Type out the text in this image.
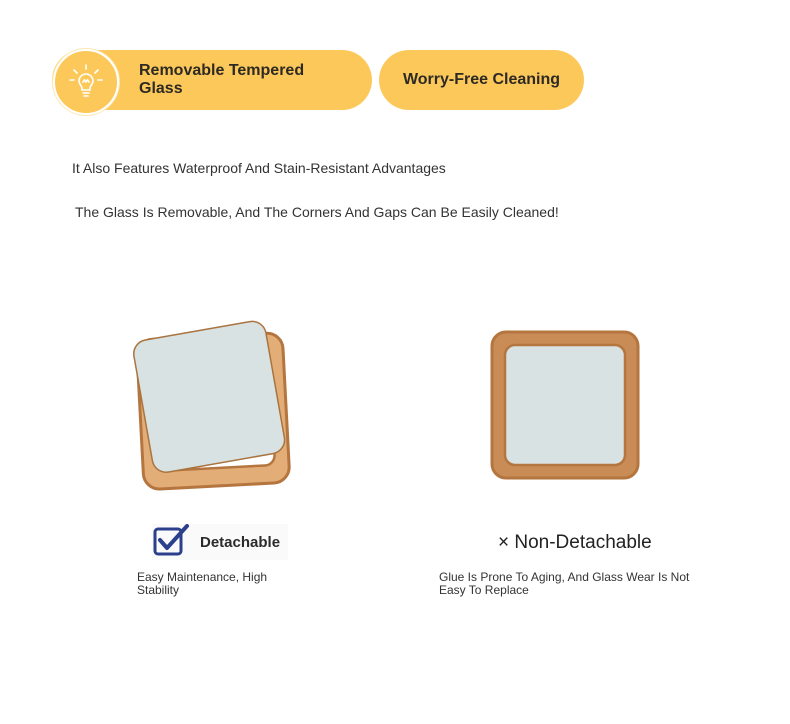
Removable Tempered Glass
Worry-Free Cleaning
It Also Features Waterproof And Stain-Resistant Advantages
The Glass Is Removable, And The Corners And Gaps Can Be Easily Cleaned!
Detachable
Easy Maintenance, High Stability
× Non-Detachable
Glue Is Prone To Aging, And Glass Wear Is Not Easy To Replace
